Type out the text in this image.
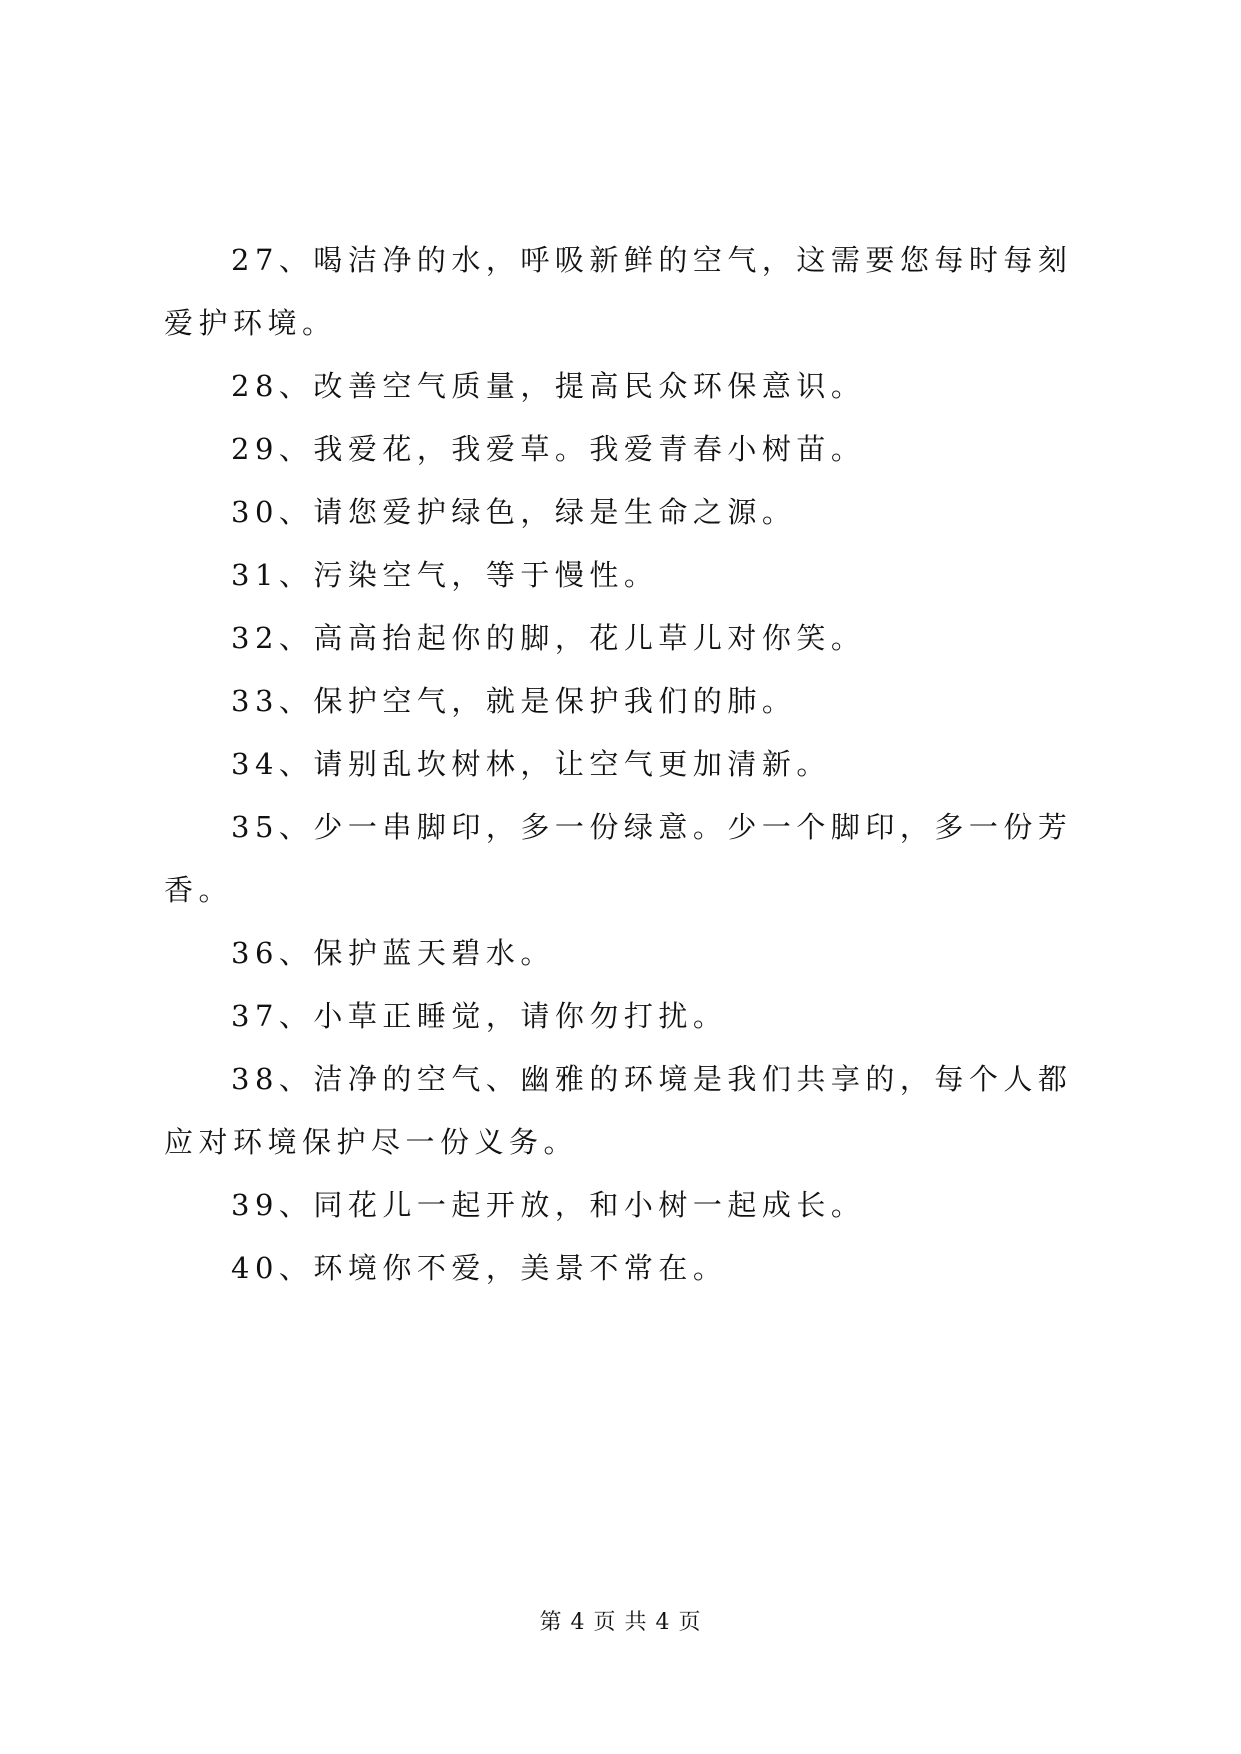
27、喝洁净的水，呼吸新鲜的空气，这需要您每时每刻爱护环境。

28、改善空气质量，提高民众环保意识。

29、我爱花，我爱草。我爱青春小树苗。

30、请您爱护绿色，绿是生命之源。

31、污染空气，等于慢性。

32、高高抬起你的脚，花儿草儿对你笑。

33、保护空气，就是保护我们的肺。

34、请别乱坎树林，让空气更加清新。

35、少一串脚印，多一份绿意。少一个脚印，多一份芳香。

36、保护蓝天碧水。

37、小草正睡觉，请你勿打扰。

38、洁净的空气、幽雅的环境是我们共享的，每个人都应对环境保护尽一份义务。

39、同花儿一起开放，和小树一起成长。

40、环境你不爱，美景不常在。

第 4 页 共 4 页
